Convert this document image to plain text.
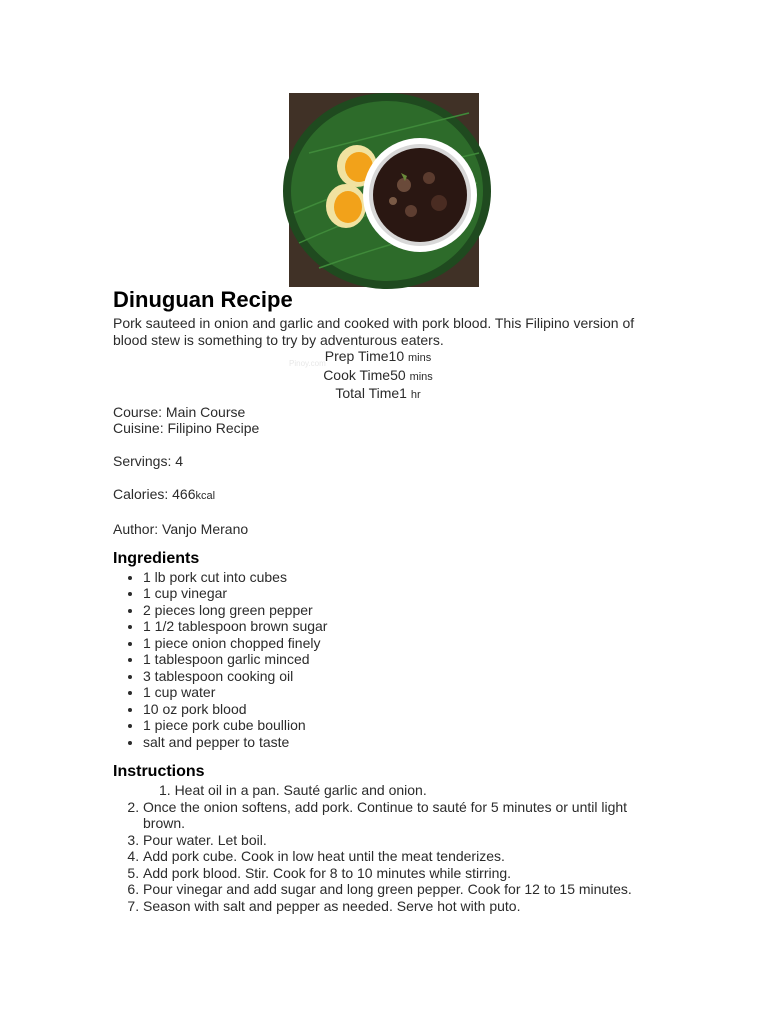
Pinoy.com
Dinuguan Recipe

Pork sauteed in onion and garlic and cooked with pork blood. This Filipino version of blood stew is something to try by adventurous eaters.

Prep Time10 mins

Cook Time50 mins

Total Time1 hr

Course: Main Course

Cuisine: Filipino Recipe

Servings: 4

Calories: 466kcal

Author: Vanjo Merano

Ingredients
• 1 lb pork cut into cubes
• 1 cup vinegar
• 2 pieces long green pepper
• 1 1/2 tablespoon brown sugar
• 1 piece onion chopped finely
• 1 tablespoon garlic minced
• 3 tablespoon cooking oil
• 1 cup water
• 10 oz pork blood
• 1 piece pork cube boullion
• salt and pepper to taste
Instructions
1. Heat oil in a pan. Sauté garlic and onion.
2. Once the onion softens, add pork. Continue to sauté for 5 minutes or until light brown.
3. Pour water. Let boil.
4. Add pork cube. Cook in low heat until the meat tenderizes.
5. Add pork blood. Stir. Cook for 8 to 10 minutes while stirring.
6. Pour vinegar and add sugar and long green pepper. Cook for 12 to 15 minutes.
7. Season with salt and pepper as needed. Serve hot with puto.
